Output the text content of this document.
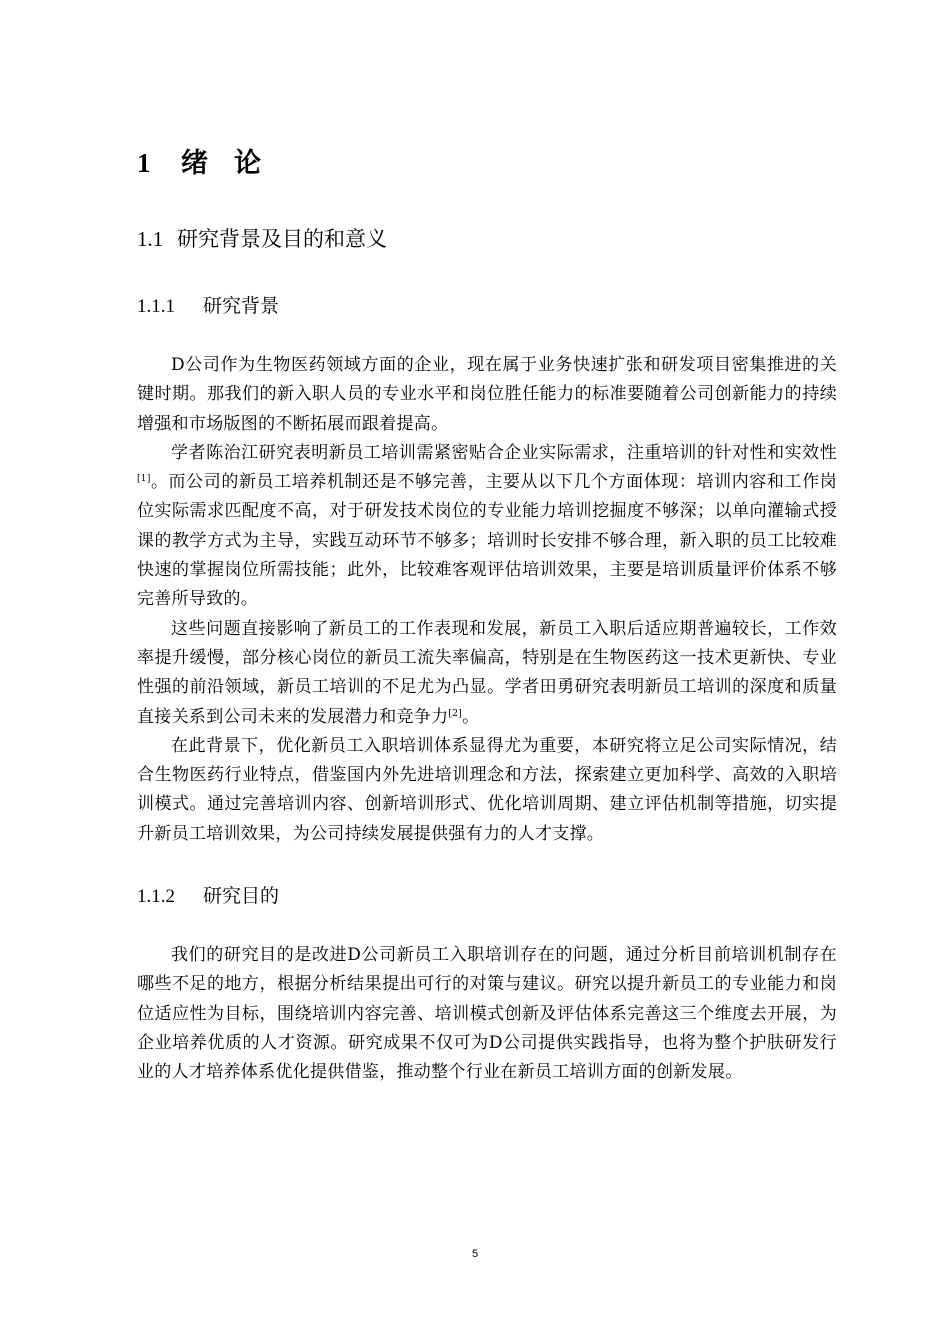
1 绪 论
1.1 研究背景及目的和意义
1.1.1 研究背景

D公司作为生物医药领域方面的企业，现在属于业务快速扩张和研发项目密集推进的关键时期。那我们的新入职人员的专业水平和岗位胜任能力的标准要随着公司创新能力的持续增强和市场版图的不断拓展而跟着提高。

学者陈治江研究表明新员工培训需紧密贴合企业实际需求，注重培训的针对性和实效性[1]。而公司的新员工培养机制还是不够完善，主要从以下几个方面体现：培训内容和工作岗位实际需求匹配度不高，对于研发技术岗位的专业能力培训挖掘度不够深；以单向灌输式授课的教学方式为主导，实践互动环节不够多；培训时长安排不够合理，新入职的员工比较难快速的掌握岗位所需技能；此外，比较难客观评估培训效果，主要是培训质量评价体系不够完善所导致的。

这些问题直接影响了新员工的工作表现和发展，新员工入职后适应期普遍较长，工作效率提升缓慢，部分核心岗位的新员工流失率偏高，特别是在生物医药这一技术更新快、专业性强的前沿领域，新员工培训的不足尤为凸显。学者田勇研究表明新员工培训的深度和质量直接关系到公司未来的发展潜力和竞争力[2]。

在此背景下，优化新员工入职培训体系显得尤为重要，本研究将立足公司实际情况，结合生物医药行业特点，借鉴国内外先进培训理念和方法，探索建立更加科学、高效的入职培训模式。通过完善培训内容、创新培训形式、优化培训周期、建立评估机制等措施，切实提升新员工培训效果，为公司持续发展提供强有力的人才支撑。

1.1.2 研究目的

我们的研究目的是改进D公司新员工入职培训存在的问题，通过分析目前培训机制存在哪些不足的地方，根据分析结果提出可行的对策与建议。研究以提升新员工的专业能力和岗位适应性为目标，围绕培训内容完善、培训模式创新及评估体系完善这三个维度去开展，为企业培养优质的人才资源。研究成果不仅可为D公司提供实践指导，也将为整个护肤研发行业的人才培养体系优化提供借鉴，推动整个行业在新员工培训方面的创新发展。

5
